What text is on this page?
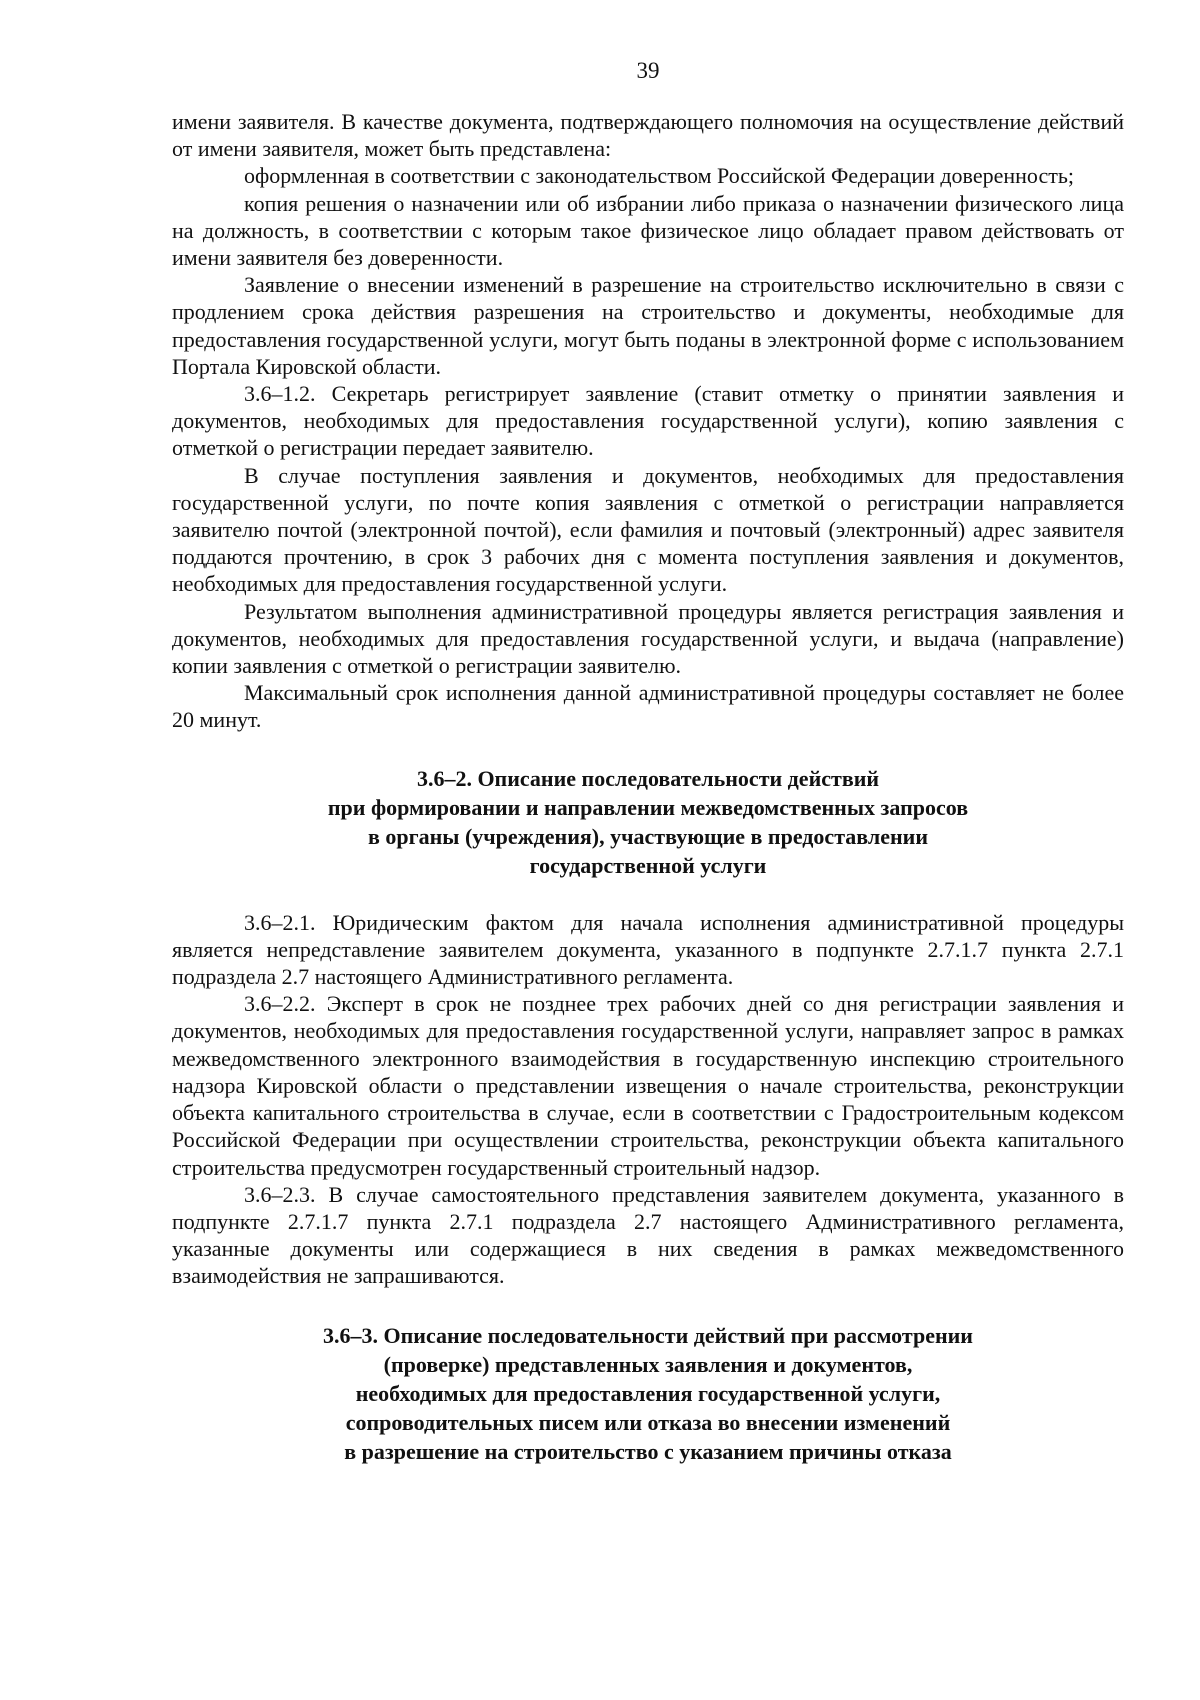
39

имени заявителя. В качестве документа, подтверждающего полномочия на осуществление действий от имени заявителя, может быть представлена:

оформленная в соответствии с законодательством Российской Федерации доверенность;

копия решения о назначении или об избрании либо приказа о назначении физического лица на должность, в соответствии с которым такое физическое лицо обладает правом действовать от имени заявителя без доверенности.

Заявление о внесении изменений в разрешение на строительство исключительно в связи с продлением срока действия разрешения на строительство и документы, необходимые для предоставления государственной услуги, могут быть поданы в электронной форме с использованием Портала Кировской области.

3.6–1.2. Секретарь регистрирует заявление (ставит отметку о принятии заявления и документов, необходимых для предоставления государственной услуги), копию заявления с отметкой о регистрации передает заявителю.

В случае поступления заявления и документов, необходимых для предоставления государственной услуги, по почте копия заявления с отметкой о регистрации направляется заявителю почтой (электронной почтой), если фамилия и почтовый (электронный) адрес заявителя поддаются прочтению, в срок 3 рабочих дня с момента поступления заявления и документов, необходимых для предоставления государственной услуги.

Результатом выполнения административной процедуры является регистрация заявления и документов, необходимых для предоставления государственной услуги, и выдача (направление) копии заявления с отметкой о регистрации заявителю.

Максимальный срок исполнения данной административной процедуры составляет не более 20 минут.

3.6–2. Описание последовательности действий
при формировании и направлении межведомственных запросов
в органы (учреждения), участвующие в предоставлении
государственной услуги

3.6–2.1. Юридическим фактом для начала исполнения административной процедуры является непредставление заявителем документа, указанного в подпункте 2.7.1.7 пункта 2.7.1 подраздела 2.7 настоящего Административного регламента.

3.6–2.2. Эксперт в срок не позднее трех рабочих дней со дня регистрации заявления и документов, необходимых для предоставления государственной услуги, направляет запрос в рамках межведомственного электронного взаимодействия в государственную инспекцию строительного надзора Кировской области о представлении извещения о начале строительства, реконструкции объекта капитального строительства в случае, если в соответствии с Градостроительным кодексом Российской Федерации при осуществлении строительства, реконструкции объекта капитального строительства предусмотрен государственный строительный надзор.

3.6–2.3. В случае самостоятельного представления заявителем документа, указанного в подпункте 2.7.1.7 пункта 2.7.1 подраздела 2.7 настоящего Административного регламента, указанные документы или содержащиеся в них сведения в рамках межведомственного взаимодействия не запрашиваются.

3.6–3. Описание последовательности действий при рассмотрении
(проверке) представленных заявления и документов,
необходимых для предоставления государственной услуги,
сопроводительных писем или отказа во внесении изменений
в разрешение на строительство с указанием причины отказа
